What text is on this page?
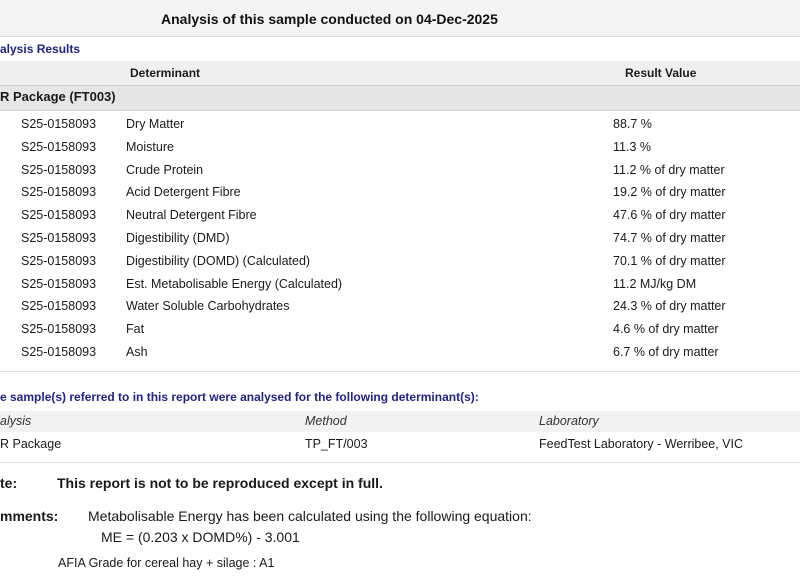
Analysis of this sample conducted on 04-Dec-2025
alysis Results
Determinant	Result Value
R Package (FT003)
S25-0158093 Dry Matter	88.7 %
S25-0158093 Moisture	11.3 %
S25-0158093 Crude Protein	11.2 % of dry matter
S25-0158093 Acid Detergent Fibre	19.2 % of dry matter
S25-0158093 Neutral Detergent Fibre	47.6 % of dry matter
S25-0158093 Digestibility (DMD)	74.7 % of dry matter
S25-0158093 Digestibility (DOMD) (Calculated)	70.1 % of dry matter
S25-0158093 Est. Metabolisable Energy (Calculated)	11.2 MJ/kg DM
S25-0158093 Water Soluble Carbohydrates	24.3 % of dry matter
S25-0158093 Fat	4.6 % of dry matter
S25-0158093 Ash	6.7 % of dry matter
e sample(s) referred to in this report were analysed for the following determinant(s):
alysis	Method	Laboratory
R Package	TP_FT/003	FeedTest Laboratory - Werribee, VIC
te:	This report is not to be reproduced except in full.
mments: Metabolisable Energy has been calculated using the following equation:
ME = (0.203 x DOMD%) - 3.001
AFIA Grade for cereal hay + silage : A1
